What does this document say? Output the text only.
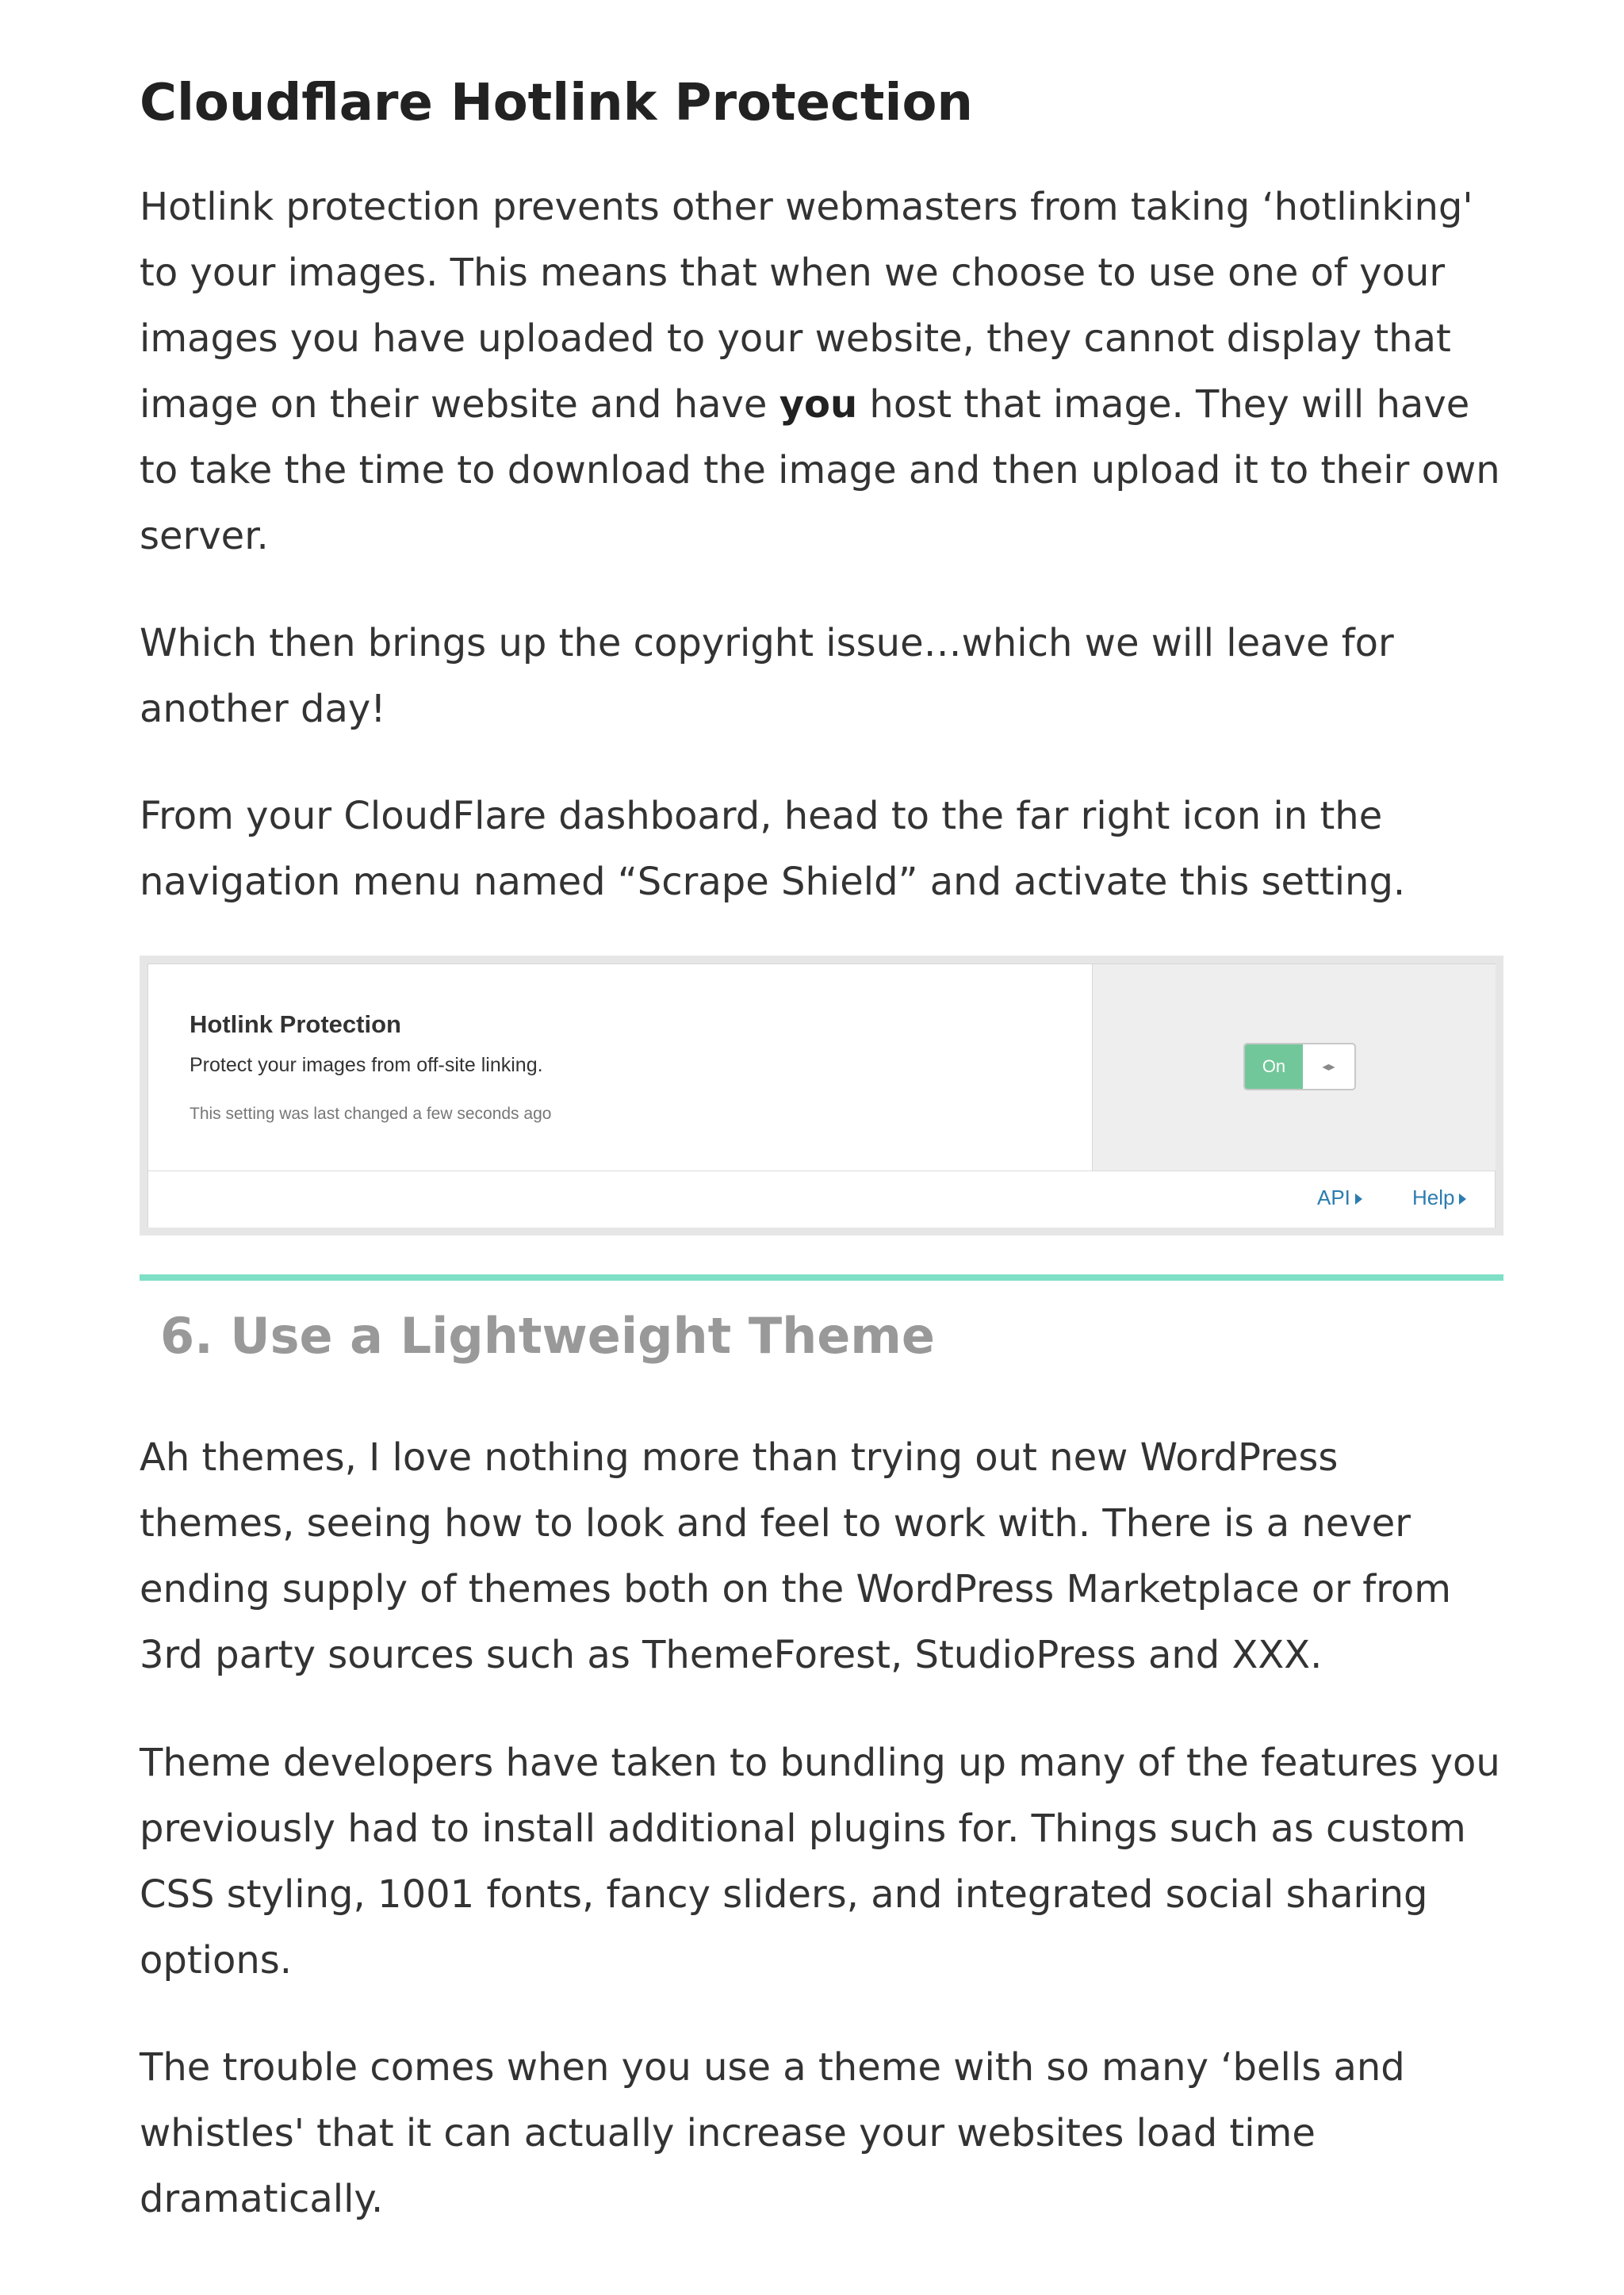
Cloudflare Hotlink Protection

Hotlink protection prevents other webmasters from taking ‘hotlinking' to your images. This means that when we choose to use one of your images you have uploaded to your website, they cannot display that image on their website and have you host that image. They will have to take the time to download the image and then upload it to their own server.

Which then brings up the copyright issue…which we will leave for another day!

From your CloudFlare dashboard, head to the far right icon in the navigation menu named “Scrape Shield” and activate this setting.

Ah themes, I love nothing more than trying out new WordPress themes, seeing how to look and feel to work with. There is a never ending supply of themes both on the WordPress Marketplace or from 3rd party sources such as ThemeForest, StudioPress and XXX.

Theme developers have taken to bundling up many of the features you previously had to install additional plugins for. Things such as custom CSS styling, 1001 fonts, fancy sliders, and integrated social sharing options.

The trouble comes when you use a theme with so many ‘bells and whistles' that it can actually increase your websites load time dramatically.

Hotlink Protection
Protect your images from off-site linking.
This setting was last changed a few seconds ago
On	◂▸
API	Help
6. Use a Lightweight Theme
